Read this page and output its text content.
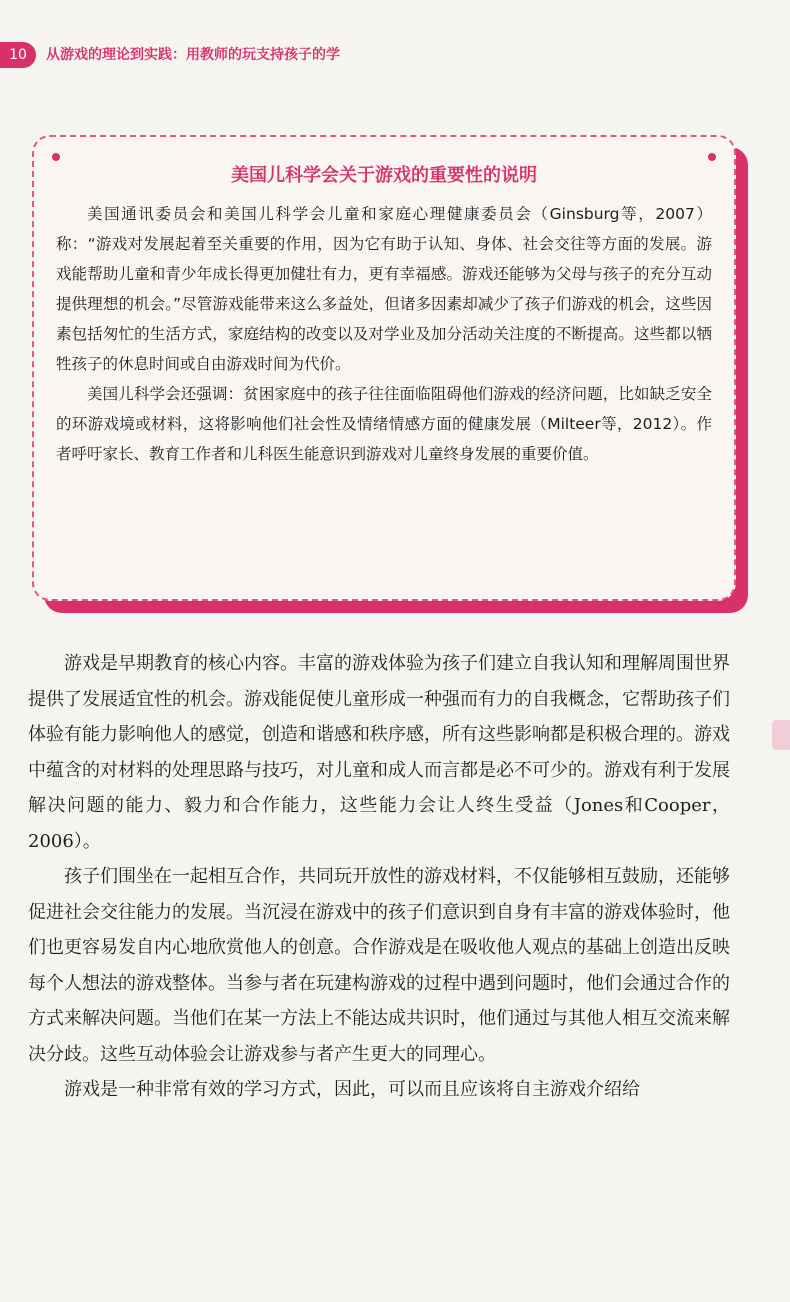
10	从游戏的理论到实践：用教师的玩支持孩子的学
美国儿科学会关于游戏的重要性的说明

美国通讯委员会和美国儿科学会儿童和家庭心理健康委员会（Ginsburg等，2007）称：“游戏对发展起着至关重要的作用，因为它有助于认知、身体、社会交往等方面的发展。游戏能帮助儿童和青少年成长得更加健壮有力，更有幸福感。游戏还能够为父母与孩子的充分互动提供理想的机会。”尽管游戏能带来这么多益处，但诸多因素却减少了孩子们游戏的机会，这些因素包括匆忙的生活方式，家庭结构的改变以及对学业及加分活动关注度的不断提高。这些都以牺牲孩子的休息时间或自由游戏时间为代价。

美国儿科学会还强调：贫困家庭中的孩子往往面临阻碍他们游戏的经济问题，比如缺乏安全的环游戏境或材料，这将影响他们社会性及情绪情感方面的健康发展（Milteer等，2012）。作者呼吁家长、教育工作者和儿科医生能意识到游戏对儿童终身发展的重要价值。

游戏是早期教育的核心内容。丰富的游戏体验为孩子们建立自我认知和理解周围世界提供了发展适宜性的机会。游戏能促使儿童形成一种强而有力的自我概念，它帮助孩子们体验有能力影响他人的感觉，创造和谐感和秩序感，所有这些影响都是积极合理的。游戏中蕴含的对材料的处理思路与技巧，对儿童和成人而言都是必不可少的。游戏有利于发展解决问题的能力、毅力和合作能力，这些能力会让人终生受益（Jones和Cooper，2006）。

孩子们围坐在一起相互合作，共同玩开放性的游戏材料，不仅能够相互鼓励，还能够促进社会交往能力的发展。当沉浸在游戏中的孩子们意识到自身有丰富的游戏体验时，他们也更容易发自内心地欣赏他人的创意。合作游戏是在吸收他人观点的基础上创造出反映每个人想法的游戏整体。当参与者在玩建构游戏的过程中遇到问题时，他们会通过合作的方式来解决问题。当他们在某一方法上不能达成共识时，他们通过与其他人相互交流来解决分歧。这些互动体验会让游戏参与者产生更大的同理心。

游戏是一种非常有效的学习方式，因此，可以而且应该将自主游戏介绍给
